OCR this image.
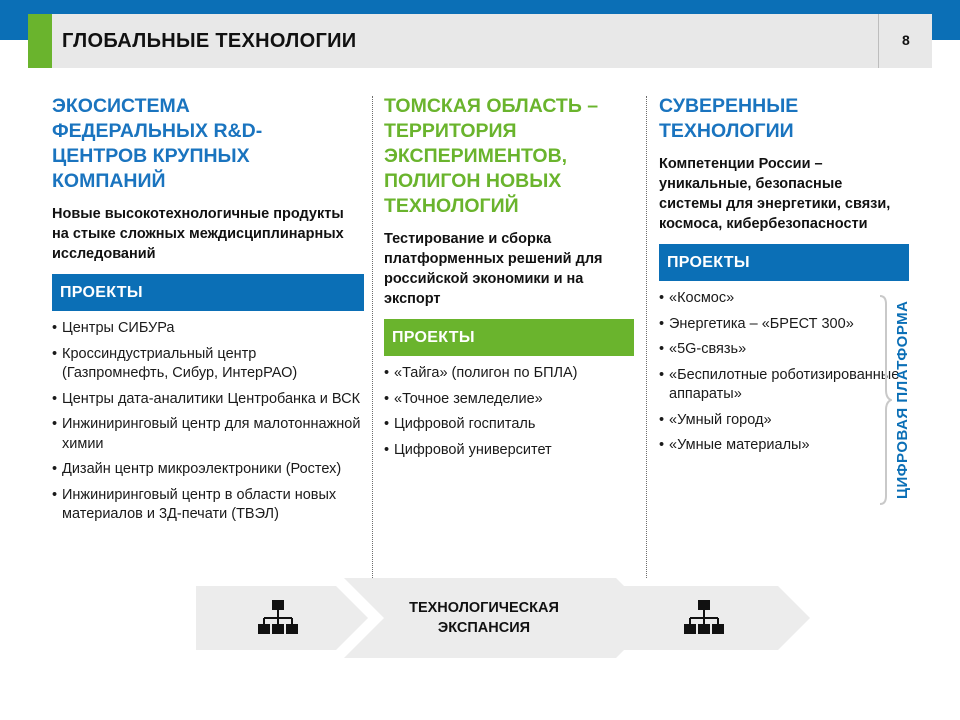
ГЛОБАЛЬНЫЕ ТЕХНОЛОГИИ	8
ЭКОСИСТЕМА
ФЕДЕРАЛЬНЫХ R&D-
ЦЕНТРОВ КРУПНЫХ
КОМПАНИЙ

Новые высокотехнологичные продукты на стыке сложных междисциплинарных исследований

ПРОЕКТЫ
• Центры СИБУРа
• Кроссиндустриальный центр (Газпромнефть, Сибур, ИнтерРАО)
• Центры дата-аналитики Центробанка и ВСК
• Инжиниринговый центр для малотоннажной химии
• Дизайн центр микроэлектроники (Ростех)
• Инжиниринговый центр в области новых материалов и 3Д-печати (ТВЭЛ)
ТОМСКАЯ ОБЛАСТЬ –
ТЕРРИТОРИЯ
ЭКСПЕРИМЕНТОВ,
ПОЛИГОН НОВЫХ
ТЕХНОЛОГИЙ

Тестирование и сборка платформенных решений для российской экономики и на экспорт

ПРОЕКТЫ
• «Тайга» (полигон по БПЛА)
• «Точное земледелие»
• Цифровой госпиталь
• Цифровой университет
СУВЕРЕННЫЕ
ТЕХНОЛОГИИ

Компетенции России – уникальные, безопасные системы для энергетики, связи, космоса, кибербезопасности

ПРОЕКТЫ
• «Космос»
• Энергетика – «БРЕСТ 300»
• «5G-связь»
• «Беспилотные роботизированные аппараты»
• «Умный город»
• «Умные материалы»	ЦИФРОВАЯ ПЛАТФОРМА
ТЕХНОЛОГИЧЕСКАЯ
ЭКСПАНСИЯ
